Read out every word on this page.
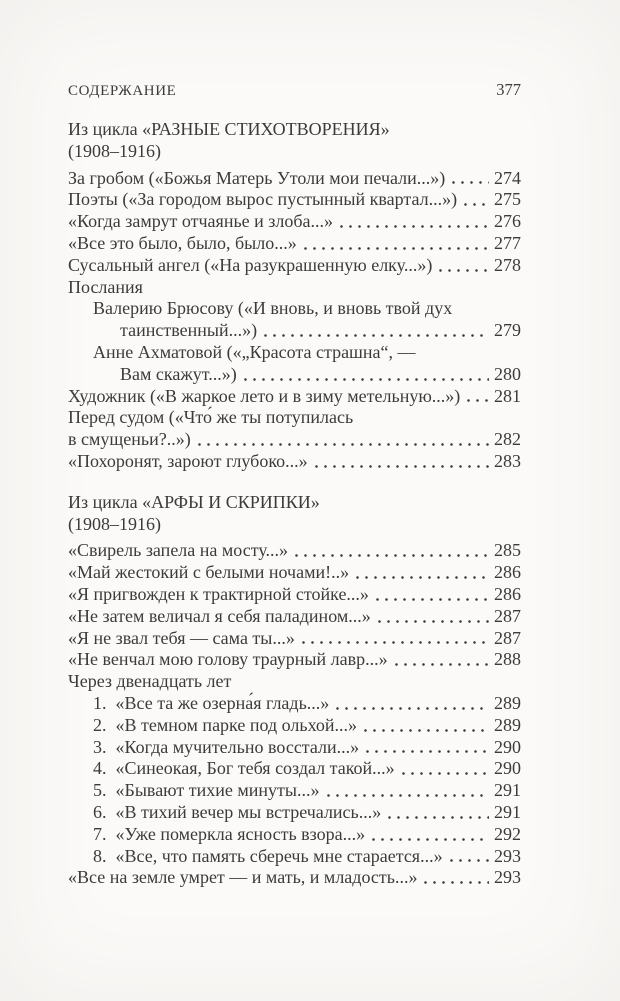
СОДЕРЖАНИЕ	377
Из цикла «РАЗНЫЕ СТИХОТВОРЕНИЯ»
(1908–1916)
За гробом («Божья Матерь Утоли мои печали...»)	274
Поэты («За городом вырос пустынный квартал...») 275
«Когда замрут отчаянье и злоба...»	276
«Все это было, было, было...»	277
Сусальный ангел («На разукрашенную елку...»)	278
Послания
Валерию Брюсову («И вновь, и вновь твой дух
таинственный...»)	279
Анне Ахматовой («„Красота страшна“, —
Вам скажут...»)	280
Художник («В жаркое лето и в зиму метельную...») 281
Перед судом («Что́ же ты потупилась
в смущеньи?..»)	282
«Похоронят, зароют глубоко...»	283
Из цикла «АРФЫ И СКРИПКИ»
(1908–1916)
«Свирель запела на мосту...»	285
«Май жестокий с белыми ночами!..»	286
«Я пригвожден к трактирной стойке...»	286
«Не затем величал я себя паладином...»	287
«Я не звал тебя — сама ты...»	287
«Не венчал мою голову траурный лавр...»	288
Через двенадцать лет
1.  «Все та же озерна́я гладь...»	289
2.  «В темном парке под ольхой...»	289
3.  «Когда мучительно восстали...»	290
4.  «Синеокая, Бог тебя создал такой...»	290
5.  «Бывают тихие минуты...»	291
6.  «В тихий вечер мы встречались...»	291
7.  «Уже померкла ясность взора...»	292
8.  «Все, что память сберечь мне старается...»	293
«Все на земле умрет — и мать, и младость...»	293
